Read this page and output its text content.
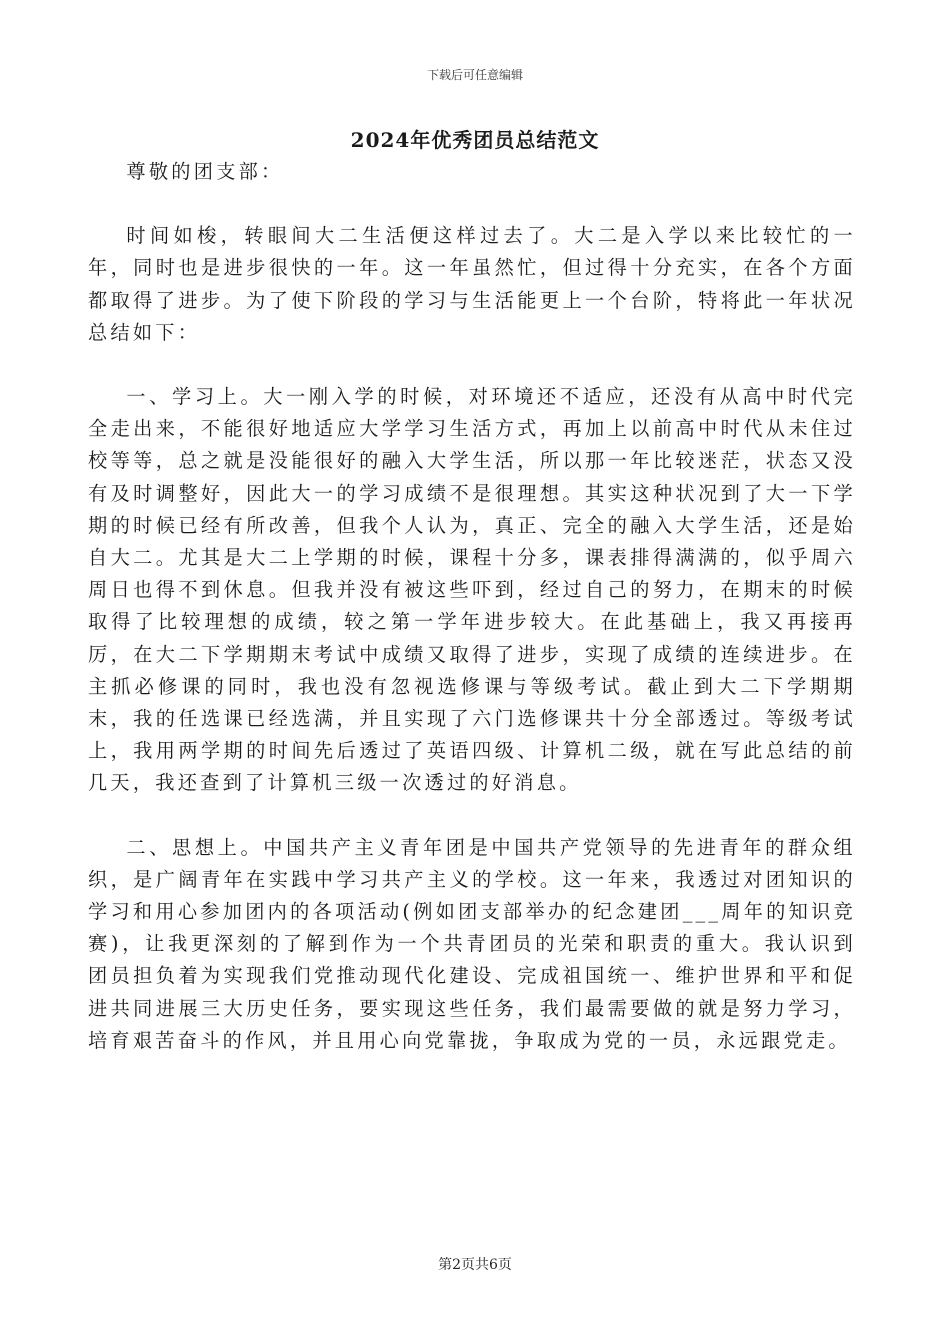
下载后可任意编辑
2024年优秀团员总结范文

尊敬的团支部：

时间如梭，转眼间大二生活便这样过去了。大二是入学以来比较忙的一年，同时也是进步很快的一年。这一年虽然忙，但过得十分充实，在各个方面都取得了进步。为了使下阶段的学习与生活能更上一个台阶，特将此一年状况总结如下：

一、学习上。大一刚入学的时候，对环境还不适应，还没有从高中时代完全走出来，不能很好地适应大学学习生活方式，再加上以前高中时代从未住过校等等，总之就是没能很好的融入大学生活，所以那一年比较迷茫，状态又没有及时调整好，因此大一的学习成绩不是很理想。其实这种状况到了大一下学期的时候已经有所改善，但我个人认为，真正、完全的融入大学生活，还是始自大二。尤其是大二上学期的时候，课程十分多，课表排得满满的，似乎周六周日也得不到休息。但我并没有被这些吓到，经过自己的努力，在期末的时候取得了比较理想的成绩，较之第一学年进步较大。在此基础上，我又再接再厉，在大二下学期期末考试中成绩又取得了进步，实现了成绩的连续进步。在主抓必修课的同时，我也没有忽视选修课与等级考试。截止到大二下学期期末，我的任选课已经选满，并且实现了六门选修课共十分全部透过。等级考试上，我用两学期的时间先后透过了英语四级、计算机二级，就在写此总结的前几天，我还查到了计算机三级一次透过的好消息。

二、思想上。中国共产主义青年团是中国共产党领导的先进青年的群众组织，是广阔青年在实践中学习共产主义的学校。这一年来，我透过对团知识的学习和用心参加团内的各项活动(例如团支部举办的纪念建团___周年的知识竞赛)，让我更深刻的了解到作为一个共青团员的光荣和职责的重大。我认识到团员担负着为实现我们党推动现代化建设、完成祖国统一、维护世界和平和促进共同进展三大历史任务，要实现这些任务，我们最需要做的就是努力学习，培育艰苦奋斗的作风，并且用心向党靠拢，争取成为党的一员，永远跟党走。

第2页共6页
